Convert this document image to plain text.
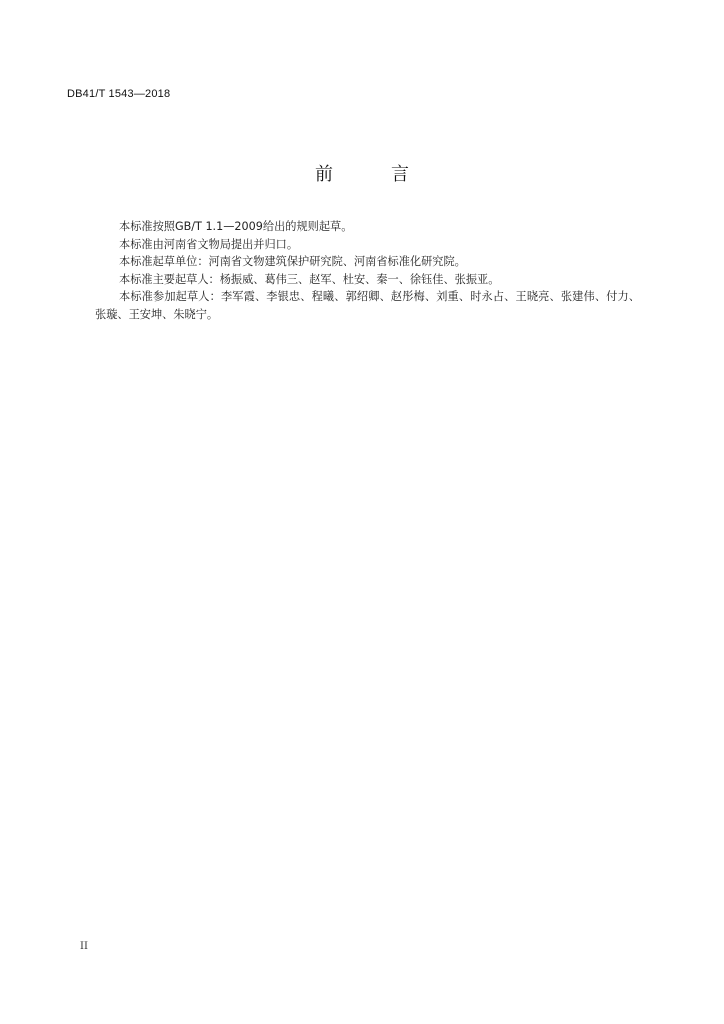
DB41/T 1543—2018
前	言

本标准按照GB/T 1.1—2009给出的规则起草。

本标准由河南省文物局提出并归口。

本标准起草单位：河南省文物建筑保护研究院、河南省标准化研究院。

本标准主要起草人：杨振威、葛伟三、赵军、杜安、秦一、徐钰佳、张振亚。

本标准参加起草人：李军霞、李银忠、程曦、郭绍卿、赵彤梅、刘重、时永占、王晓亮、张建伟、付力、张璇、王安坤、朱晓宁。

II
